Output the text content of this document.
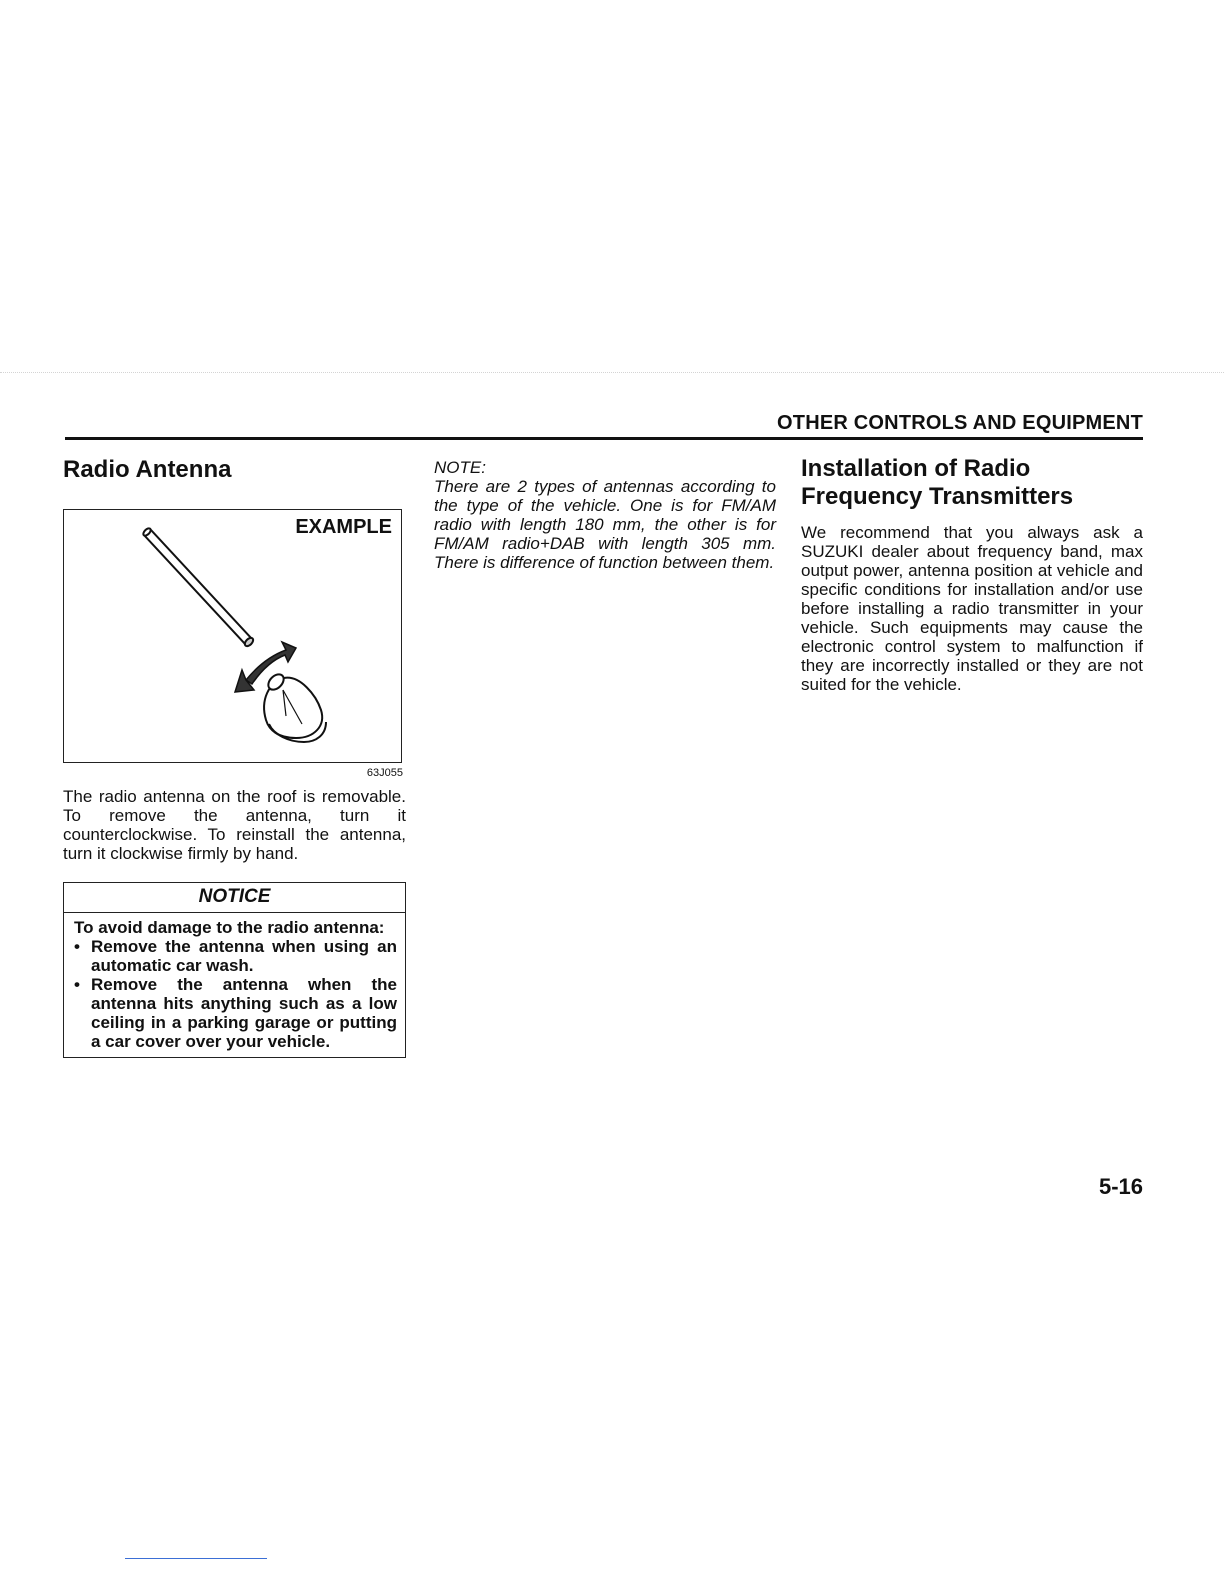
OTHER CONTROLS AND EQUIPMENT
Radio Antenna
EXAMPLE
63J055

The radio antenna on the roof is removable. To remove the antenna, turn it counterclockwise. To reinstall the antenna, turn it clockwise firmly by hand.

NOTICE

To avoid damage to the radio antenna:

• Remove the antenna when using an automatic car wash.
• Remove the antenna when the antenna hits anything such as a low ceiling in a parking garage or putting a car cover over your vehicle.

NOTE:

There are 2 types of antennas according to the type of the vehicle. One is for FM/AM radio with length 180 mm, the other is for FM/AM radio+DAB with length 305 mm. There is difference of function between them.

Installation of Radio
Frequency Transmitters

We recommend that you always ask a SUZUKI dealer about frequency band, max output power, antenna position at vehicle and specific conditions for installation and/or use before installing a radio transmitter in your vehicle. Such equipments may cause the electronic control system to malfunction if they are incorrectly installed or they are not suited for the vehicle.

5-16
